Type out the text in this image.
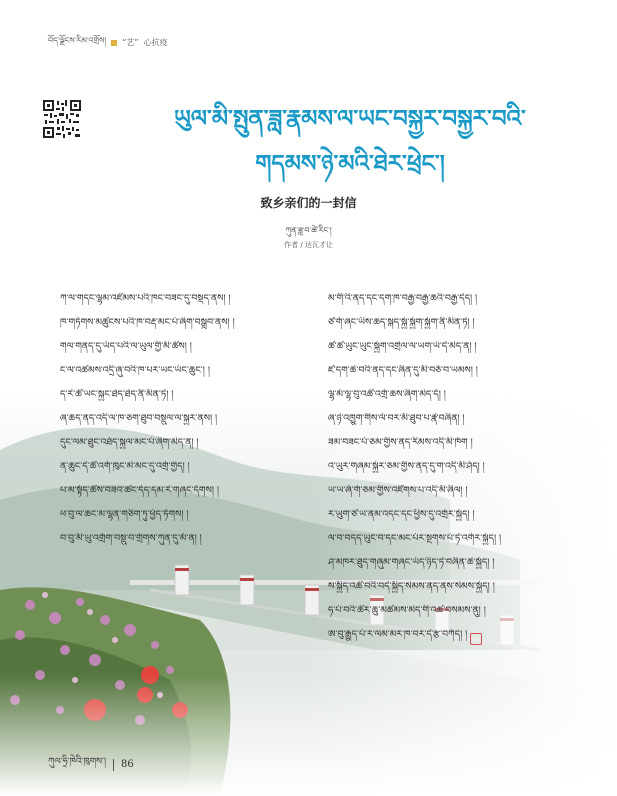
བོད་ལྗོངས་རིམ་འགྲོས། “艺” 心抗疫
ཡུལ་མི་སྤུན་ཟླ་རྣམས་ལ་ཡང་བསྐྱར་བསྐྱར་བའི་
གདམས་ཉེ་མའི་ཐེར་ཕྲེང་།
致乡亲们的一封信
ཀུན་ཟླ་བ་ཚེ་རིང་།
作者 / 达瓦才让
ཀ་ལ་གདང་ལྷམ་འཛོམས་པའི་ཁང་བཟང་དུ་བསྡད་ནས། །
ཁ་གཏོགས་མཚུངས་པའི་ཁ་བརྡ་མང་པོ་ཞིག་བསྒྲུབ་ནས། །
གལ་གནད་དུ་ཡོད་པའི་ལ་ཡུལ་གྱི་མི་ཚོས། །
ང་ལ་འཚམས་འདྲི་ཞུ་བའི་ཁ་པར་ཡང་ཡོང་ཆུང་། །
ད་རེ་ཚོ་ཡང་སྐྱང་ཐེད་ཐེད་ནི་མིན་ཏེ། །
ཞ་ཆད་ནད་འདི་ལ་ཁ་ཅག་ཐུབ་བསྡུལ་ལ་སྐྱར་ནས། །
དུང་ལམ་ཐུང་འཐོད་སྐྱལ་མང་པོ་ཞིག་མེད་ན། །
ན་ཆུང་དེ་ཚོ་འགོ་ཁུང་མེ་མང་དུ་འགྲོ་གྱིད། །
པ་མ་སྟོད་ཚོས་བཟའ་ཚང་དོད་དམ་རེ་གཞང་དོགས། །
ཕ་བུ་ལ་ཆང་མ་ལྷན་གཅིག་ཏུ་ཕྱོད་ཏོགས། །
བ་བུ་མི་ཡུ་འགྲོག་བསྡུ་བ་གྲོགས་ཀུན་དུ་མོ་ན། །
མ་གི་འི་ནད་དང་དག་ཁ་བརྒྱ་བརྒྱ་ཆའི་བརྒྱ་དེད། །
ཙ་གོ་ཞང་ཡིས་ཆད་སྐད་སྐྱོ་སྐྱོག་སྐྱོག་ནི་མིན་ཏེ། །
ཚ་ཚ་ཡུང་ཡུང་སྐྱོག་འགྲེལ་ལ་ཡག་ཡོ་དེ་མེད་ན། །
ཛ་དག་ཆེ་བའི་ནད་དང་ཞིན་དུ་མི་བཅོ་བ་ཡམས། །
ལྷ་མོ་ལྷ་བུ་འཚོ་འགྲོ་ཆས་ཞིག་མེད་དོ། །
ཞ་ཉེ་འཁྱུག་གིས་ལོ་བར་མི་ཐུབ་པ་རྣེ་བཞིན། །
ཟམ་བཟང་པོ་ཅམ་གྱིས་ནད་རིམས་འདི་མི་ཁོག །
འ་ཡུར་གཞམ་སྐྱོར་ཅམ་གྱིས་ནད་དུ་ག་འདི་མི་ཤོད། །
ཡ་ཡ་ཞོ་གོ་ཅམ་གྱིས་འཛིགས་པ་འདི་མི་ཞིལ། །
ར་ཡུག་ཙ་ཡ་ནམ་འདང་དང་ཕྱིས་དུ་འགྲོར་སྐྱོད། །
ལ་བ་བདད་ཡུང་བ་དང་མང་པོར་སྔགས་པོ་ཏེ་འགོར་སྐྱོད། །
ཤ་མཁར་ཐུད་གཞུམ་གཞང་ཡོད་ཉིད་ཏེ་བཞིན་ཆེ་སྐྱོད། །
ས་སྐྱིད་འཚོ་བའི་བདེ་སྐྱིད་སེམས་ནད་ནས་སེམས་སྐྱོད། །
ཧ་པོ་བའི་ཚོར་ཆུ་མཚམས་མེད་གི་འཚ་བསམས་ནུ། །
ཨ་བུ་རྒྱུད་པོ་ར་ལམ་མར་ཁ་བར་དེ་རྩ་བཀོད། །
ཀུལ་ཧྲི་ཁེའི་ཁུགས་། 86
